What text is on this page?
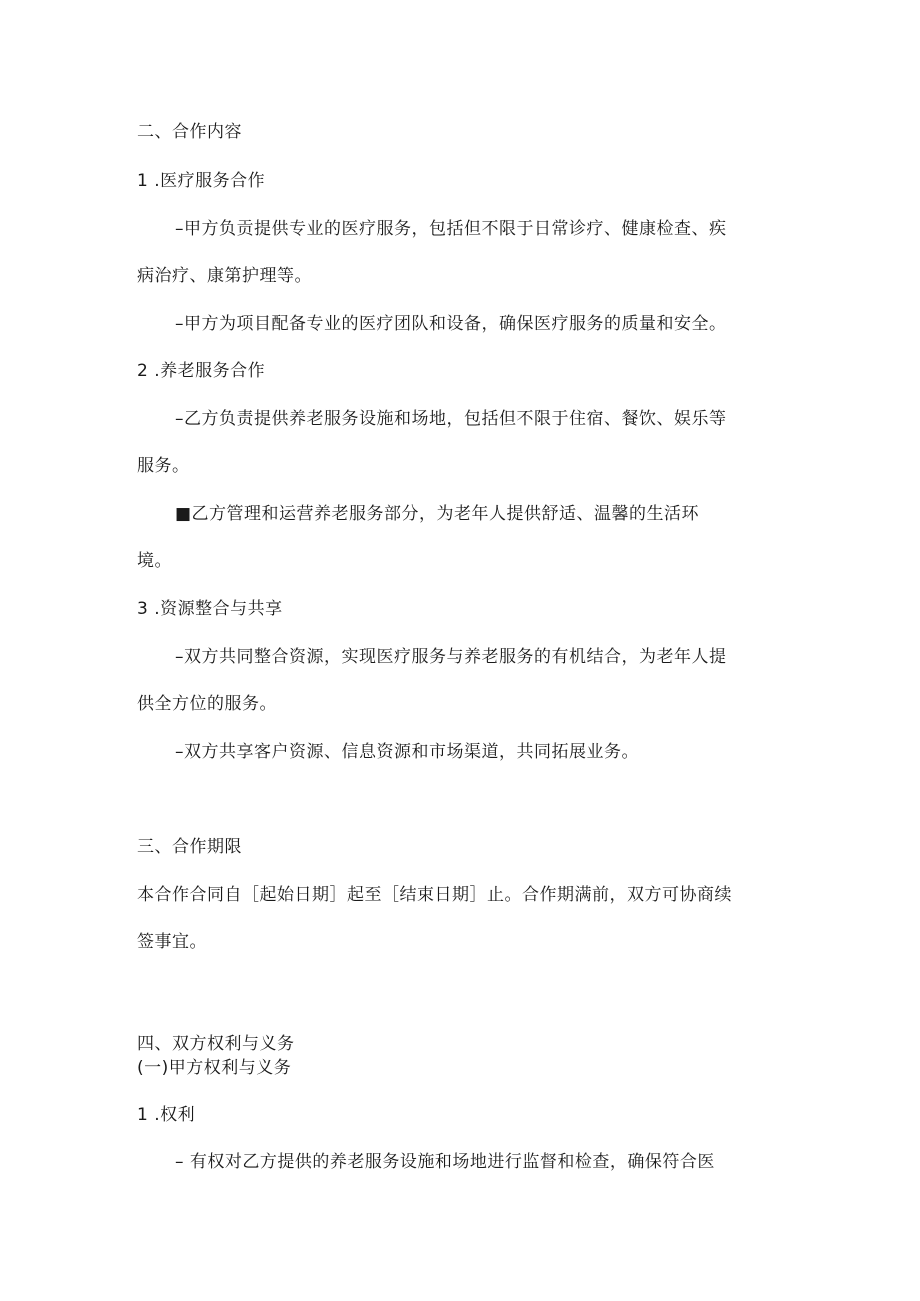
二、合作内容
1 .医疗服务合作
–甲方负贡提供专业的医疗服务，包括但不限于日常诊疗、健康检查、疾
病治疗、康第护理等。
–甲方为项目配备专业的医疗团队和设备，确保医疗服务的质量和安全。
2 .养老服务合作
–乙方负责提供养老服务设施和场地，包括但不限于住宿、餐饮、娱乐等
服务。
■乙方管理和运营养老服务部分，为老年人提供舒适、温馨的生活环
境。
3 .资源整合与共享
–双方共同整合资源，实现医疗服务与养老服务的有机结合，为老年人提
供全方位的服务。
–双方共享客户资源、信息资源和市场渠道，共同拓展业务。
三、合作期限
本合作合同自［起始日期］起至［结束日期］止。合作期满前，双方可协商续
签事宜。
四、双方权利与义务
(一)甲方权利与义务
1 .权利
– 有权对乙方提供的养老服务设施和场地进行监督和检查，确保符合医
